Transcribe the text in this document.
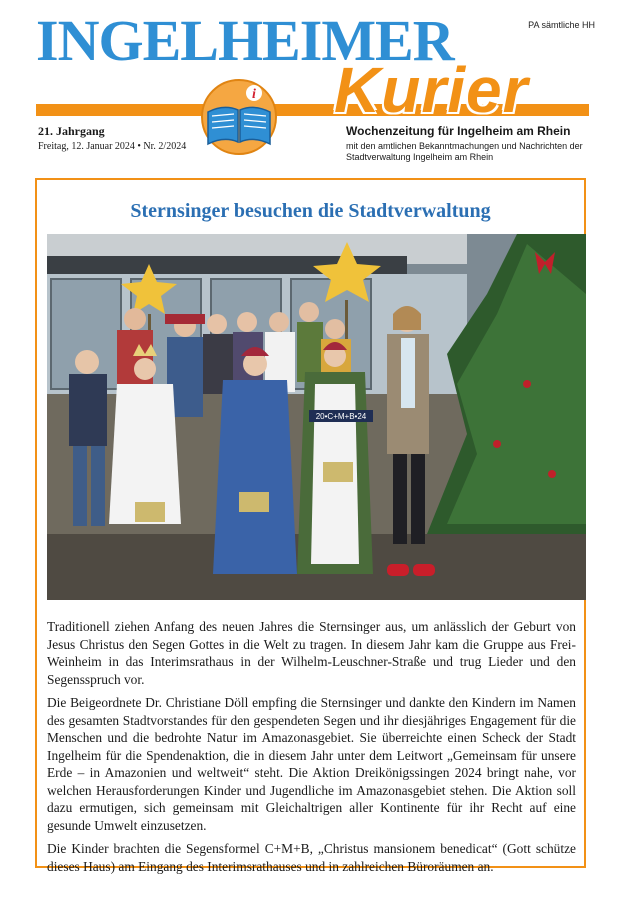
INGELHEIMER	PA sämtliche HH
i Kurier
21. Jahrgang
Freitag, 12. Januar 2024 • Nr. 2/2024
Wochenzeitung für Ingelheim am Rhein
mit den amtlichen Bekanntmachungen und Nachrichten der Stadtverwaltung Ingelheim am Rhein
Sternsinger besuchen die Stadtverwaltung
20•C+M+B•24

Traditionell ziehen Anfang des neuen Jahres die Sternsinger aus, um anlässlich der Geburt von Jesus Christus den Segen Gottes in die Welt zu tragen. In diesem Jahr kam die Gruppe aus Frei-Weinheim in das Interimsrathaus in der Wilhelm-Leuschner-Straße und trug Lieder und den Segensspruch vor.

Die Beigeordnete Dr. Christiane Döll empfing die Sternsinger und dankte den Kindern im Namen des gesamten Stadtvorstandes für den gespendeten Segen und ihr diesjähriges Engagement für die Menschen und die bedrohte Natur im Amazonasgebiet. Sie überreichte einen Scheck der Stadt Ingelheim für die Spendenaktion, die in diesem Jahr unter dem Leitwort „Gemeinsam für unsere Erde – in Amazonien und weltweit“ steht. Die Aktion Dreikönigssingen 2024 bringt nahe, vor welchen Herausforderungen Kinder und Jugendliche im Amazonasgebiet stehen. Die Aktion soll dazu ermutigen, sich gemeinsam mit Gleichaltrigen aller Kontinente für ihr Recht auf eine gesunde Umwelt einzusetzen.

Die Kinder brachten die Segensformel C+M+B, „Christus mansionem benedicat“ (Gott schütze dieses Haus) am Eingang des Interimsrathauses und in zahlreichen Büroräumen an.
